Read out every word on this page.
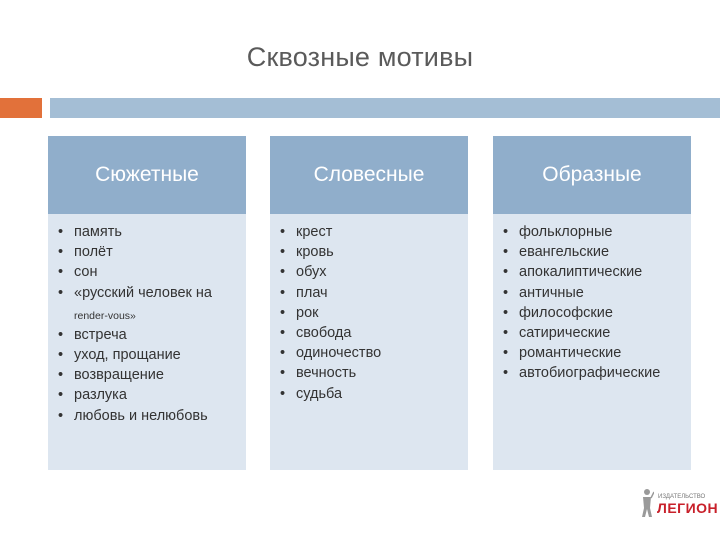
Сквозные мотивы
Сюжетные
• память
• полёт
• сон
• «русский человек на
render-vous»
• встреча
• уход, прощание
• возвращение
• разлука
• любовь и нелюбовь
Словесные
• крест
• кровь
• обух
• плач
• рок
• свобода
• одиночество
• вечность
• судьба
Образные
• фольклорные
• евангельские
• апокалиптические
• античные
• философские
• сатирические
• романтические
• автобиографические
ИЗДАТЕЛЬСТВО
ЛЕГИОН
